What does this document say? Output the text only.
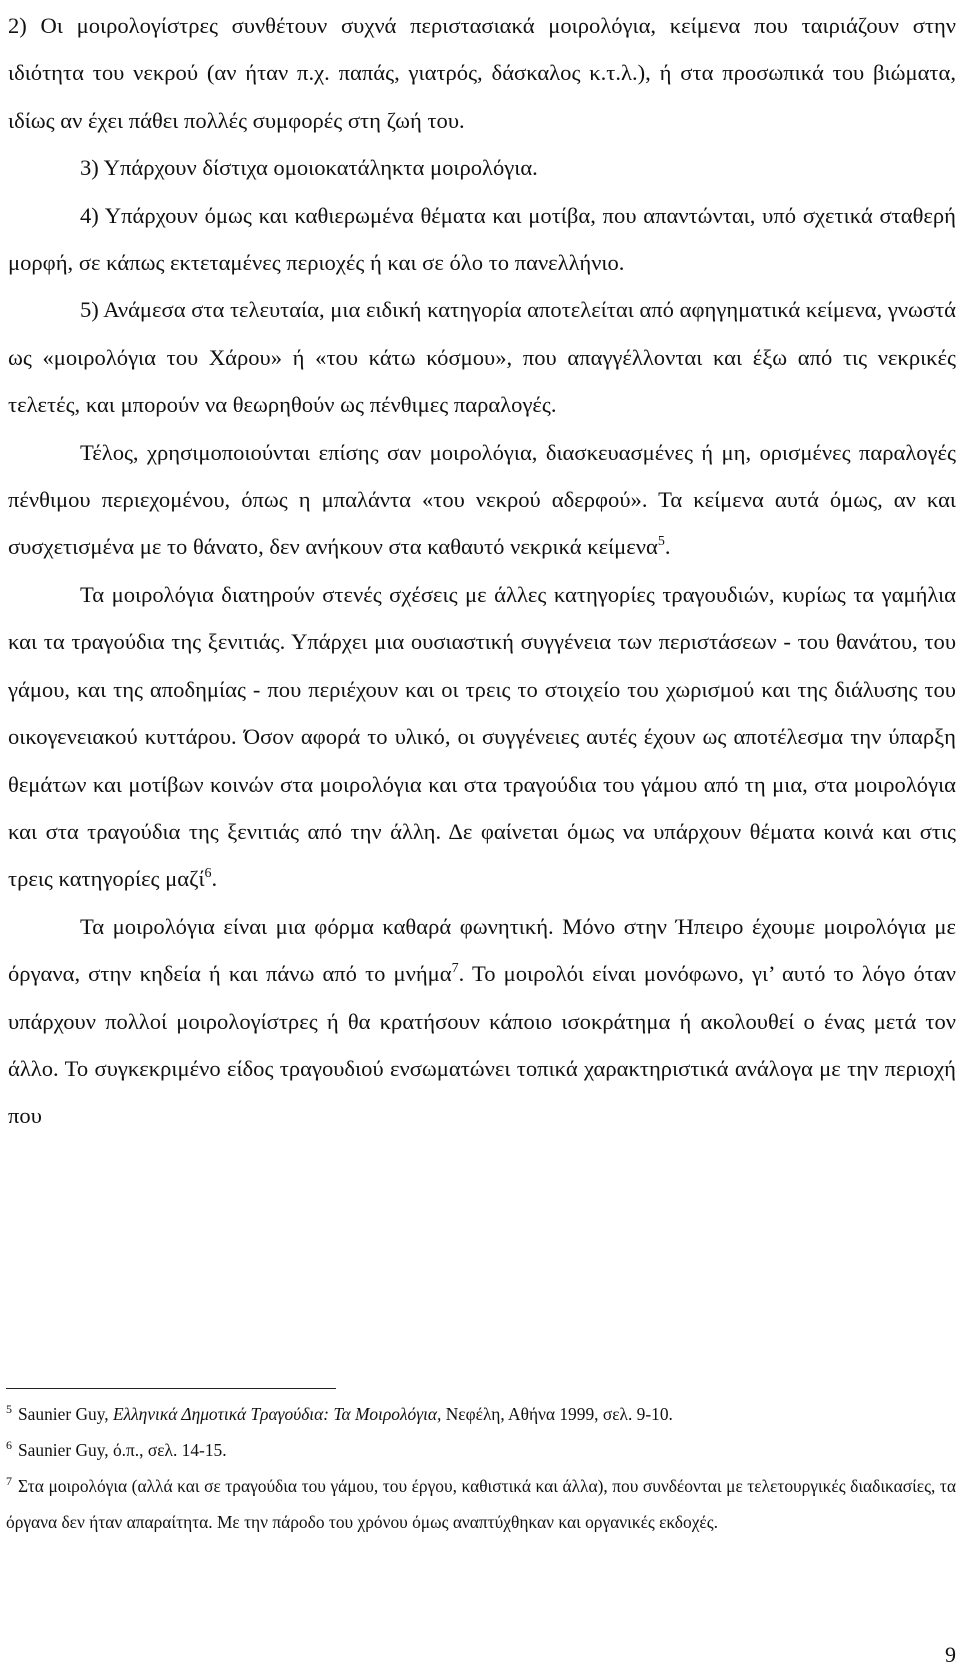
2) Οι μοιρολογίστρες συνθέτουν συχνά περιστασιακά μοιρολόγια, κείμενα που ταιριάζουν στην ιδιότητα του νεκρού (αν ήταν π.χ. παπάς, γιατρός, δάσκαλος κ.τ.λ.), ή στα προσωπικά του βιώματα, ιδίως αν έχει πάθει πολλές συμφορές στη ζωή του.

3) Υπάρχουν δίστιχα ομοιοκατάληκτα μοιρολόγια.

4) Υπάρχουν όμως και καθιερωμένα θέματα και μοτίβα, που απαντώνται, υπό σχετικά σταθερή μορφή, σε κάπως εκτεταμένες περιοχές ή και σε όλο το πανελλήνιο.

5) Ανάμεσα στα τελευταία, μια ειδική κατηγορία αποτελείται από αφηγηματικά κείμενα, γνωστά ως «μοιρολόγια του Χάρου» ή «του κάτω κόσμου», που απαγγέλλονται και έξω από τις νεκρικές τελετές, και μπορούν να θεωρηθούν ως πένθιμες παραλογές.

Τέλος, χρησιμοποιούνται επίσης σαν μοιρολόγια, διασκευασμένες ή μη, ορισμένες παραλογές πένθιμου περιεχομένου, όπως η μπαλάντα «του νεκρού αδερφού». Τα κείμενα αυτά όμως, αν και συσχετισμένα με το θάνατο, δεν ανήκουν στα καθαυτό νεκρικά κείμενα$^5$.

Τα μοιρολόγια διατηρούν στενές σχέσεις με άλλες κατηγορίες τραγουδιών, κυρίως τα γαμήλια και τα τραγούδια της ξενιτιάς. Υπάρχει μια ουσιαστική συγγένεια των περιστάσεων - του θανάτου, του γάμου, και της αποδημίας - που περιέχουν και οι τρεις το στοιχείο του χωρισμού και της διάλυσης του οικογενειακού κυττάρου. Όσον αφορά το υλικό, οι συγγένειες αυτές έχουν ως αποτέλεσμα την ύπαρξη θεμάτων και μοτίβων κοινών στα μοιρολόγια και στα τραγούδια του γάμου από τη μια, στα μοιρολόγια και στα τραγούδια της ξενιτιάς από την άλλη. Δε φαίνεται όμως να υπάρχουν θέματα κοινά και στις τρεις κατηγορίες μαζί$^6$.

Τα μοιρολόγια είναι μια φόρμα καθαρά φωνητική. Μόνο στην Ήπειρο έχουμε μοιρολόγια με όργανα, στην κηδεία ή και πάνω από το μνήμα$^7$. Το μοιρολόι είναι μονόφωνο, γι’ αυτό το λόγο όταν υπάρχουν πολλοί μοιρολογίστρες ή θα κρατήσουν κάποιο ισοκράτημα ή ακολουθεί ο ένας μετά τον άλλο. Το συγκεκριμένο είδος τραγουδιού ενσωματώνει τοπικά χαρακτηριστικά ανάλογα με την περιοχή που

$^5$ Saunier Guy, Ελληνικά Δημοτικά Τραγούδια: Τα Μοιρολόγια, Νεφέλη, Αθήνα 1999, σελ. 9-10.

$^6$ Saunier Guy, ό.π., σελ. 14-15.

$^7$ Στα μοιρολόγια (αλλά και σε τραγούδια του γάμου, του έργου, καθιστικά και άλλα), που συνδέονται με τελετουργικές διαδικασίες, τα όργανα δεν ήταν απαραίτητα. Με την πάροδο του χρόνου όμως αναπτύχθηκαν και οργανικές εκδοχές.

9
